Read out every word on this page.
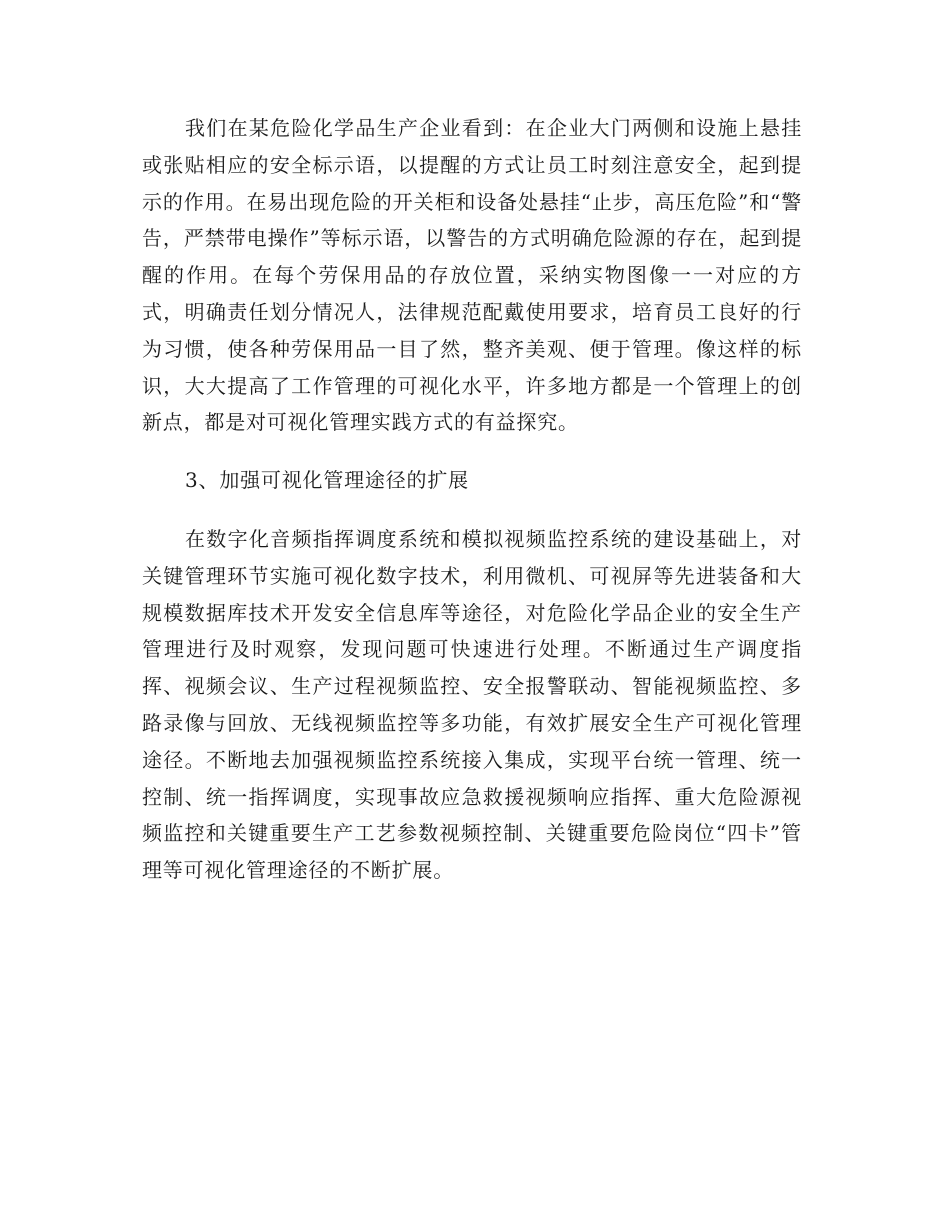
我们在某危险化学品生产企业看到：在企业大门两侧和设施上悬挂或张贴相应的安全标示语，以提醒的方式让员工时刻注意安全，起到提示的作用。在易出现危险的开关柜和设备处悬挂“止步，高压危险”和“警告，严禁带电操作”等标示语，以警告的方式明确危险源的存在，起到提醒的作用。在每个劳保用品的存放位置，采纳实物图像一一对应的方式，明确责任划分情况人，法律规范配戴使用要求，培育员工良好的行为习惯，使各种劳保用品一目了然，整齐美观、便于管理。像这样的标识，大大提高了工作管理的可视化水平，许多地方都是一个管理上的创新点，都是对可视化管理实践方式的有益探究。

3、加强可视化管理途径的扩展

在数字化音频指挥调度系统和模拟视频监控系统的建设基础上，对关键管理环节实施可视化数字技术，利用微机、可视屏等先进装备和大规模数据库技术开发安全信息库等途径，对危险化学品企业的安全生产管理进行及时观察，发现问题可快速进行处理。不断通过生产调度指挥、视频会议、生产过程视频监控、安全报警联动、智能视频监控、多路录像与回放、无线视频监控等多功能，有效扩展安全生产可视化管理途径。不断地去加强视频监控系统接入集成，实现平台统一管理、统一控制、统一指挥调度，实现事故应急救援视频响应指挥、重大危险源视频监控和关键重要生产工艺参数视频控制、关键重要危险岗位“四卡”管理等可视化管理途径的不断扩展。
